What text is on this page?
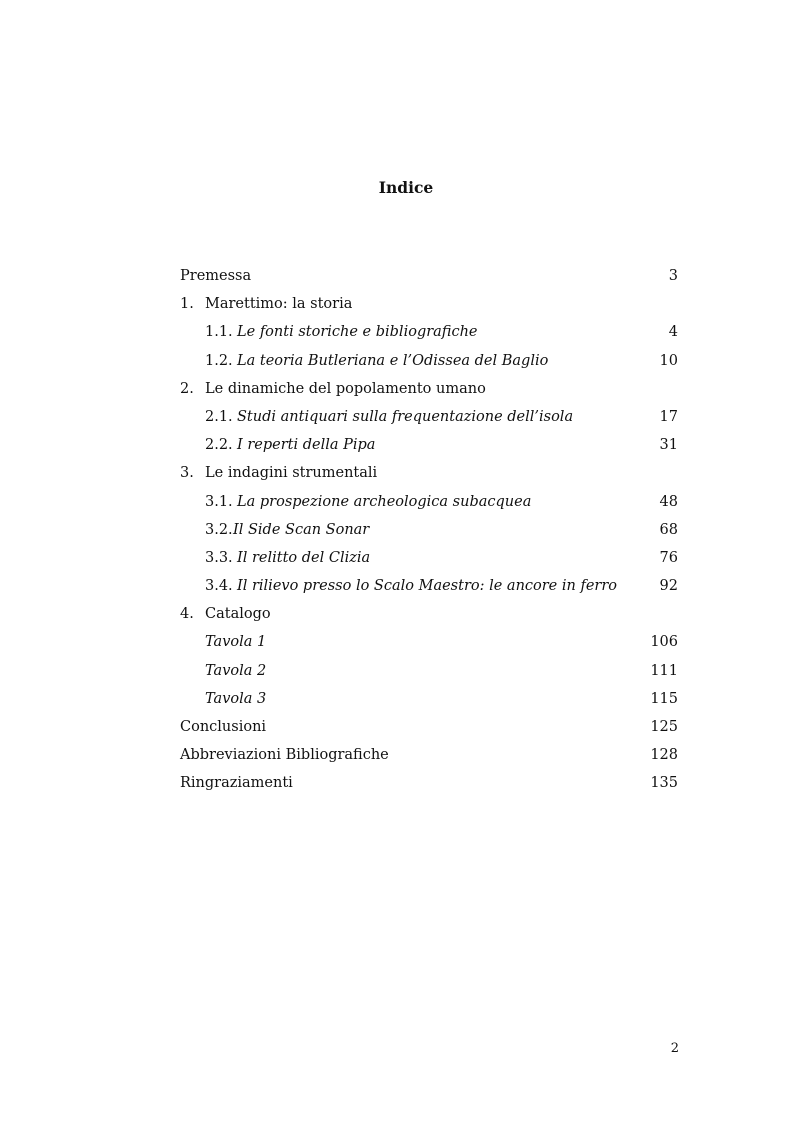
Indice
Premessa	3
1. Marettimo: la storia
1.1. Le fonti storiche e bibliografiche	4
1.2. La teoria Butleriana e l’Odissea del Baglio	10
2. Le dinamiche del popolamento umano
2.1. Studi antiquari sulla frequentazione dell’isola	17
2.2. I reperti della Pipa	31
3. Le indagini strumentali
3.1. La prospezione archeologica subacquea	48
3.2. Il Side Scan Sonar	68
3.3. Il relitto del Clizia	76
3.4. Il rilievo presso lo Scalo Maestro: le ancore in ferro	92
4. Catalogo
Tavola 1	106
Tavola 2	111
Tavola 3	115
Conclusioni	125
Abbreviazioni Bibliografiche	128
Ringraziamenti	135
2
